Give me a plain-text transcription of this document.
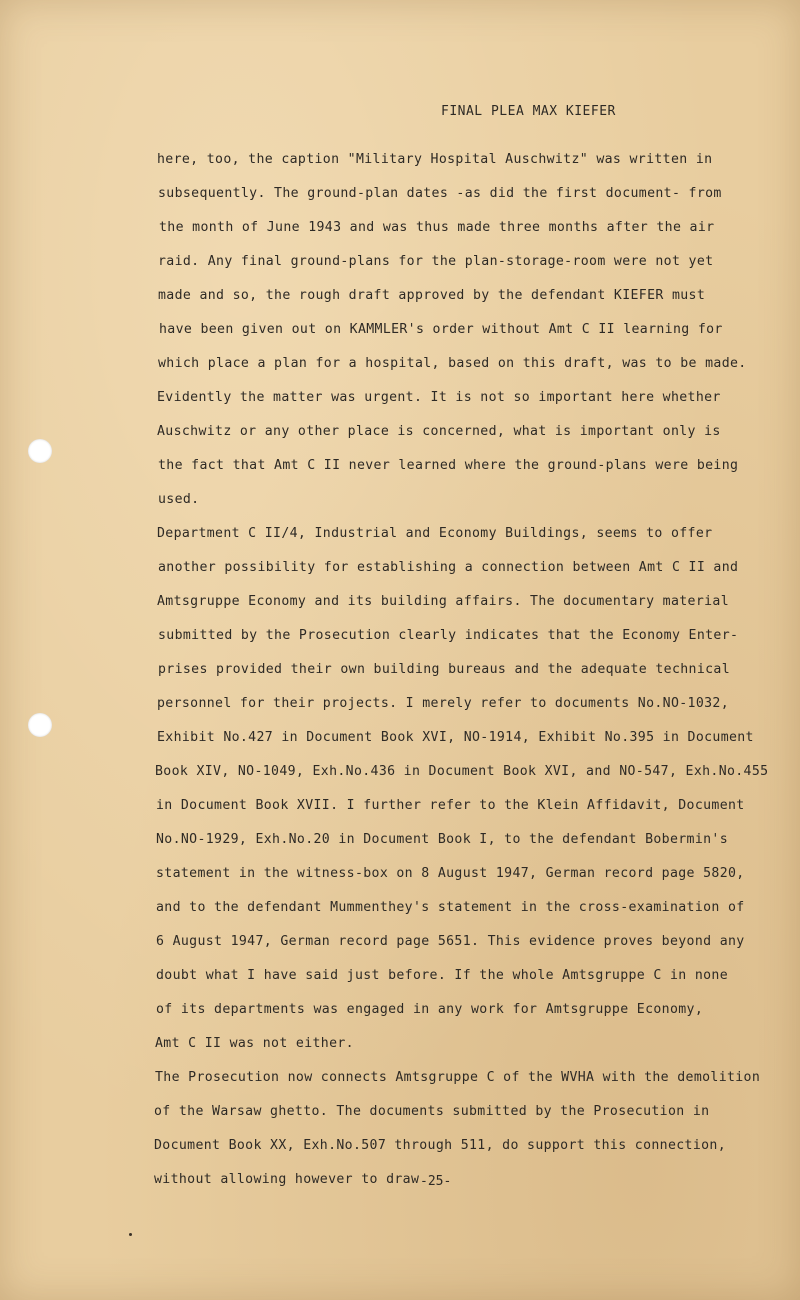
FINAL PLEA MAX KIEFER
here, too, the caption "Military Hospital Auschwitz" was written in
subsequently. The ground-plan dates -as did the first document- from
the month of June 1943 and was thus made three months after the air
raid. Any final ground-plans for the plan-storage-room were not yet
made and so, the rough draft approved by the defendant KIEFER must
have been given out on KAMMLER's order without Amt C II learning for
which place a plan for a hospital, based on this draft, was to be made.
Evidently the matter was urgent. It is not so important here whether
Auschwitz or any other place is concerned, what is important only is
the fact that Amt C II never learned where the ground-plans were being
used.
Department C II/4, Industrial and Economy Buildings, seems to offer
another possibility for establishing a connection between Amt C II and
Amtsgruppe Economy and its building affairs. The documentary material
submitted by the Prosecution clearly indicates that the Economy Enter-
prises provided their own building bureaus and the adequate technical
personnel for their projects. I merely refer to documents No.NO-1032,
Exhibit No.427 in Document Book XVI, NO-1914, Exhibit No.395 in Document
Book XIV, NO-1049, Exh.No.436 in Document Book XVI, and NO-547, Exh.No.455
in Document Book XVII. I further refer to the Klein Affidavit, Document
No.NO-1929, Exh.No.20 in Document Book I, to the defendant Bobermin's
statement in the witness-box on 8 August 1947, German record page 5820,
and to the defendant Mummenthey's statement in the cross-examination of
6 August 1947, German record page 5651. This evidence proves beyond any
doubt what I have said just before. If the whole Amtsgruppe C in none
of its departments was engaged in any work for Amtsgruppe Economy,
Amt C II was not either.
The Prosecution now connects Amtsgruppe C of the WVHA with the demolition
of the Warsaw ghetto. The documents submitted by the Prosecution in
Document Book XX, Exh.No.507 through 511, do support this connection,
without allowing however to draw -25-
